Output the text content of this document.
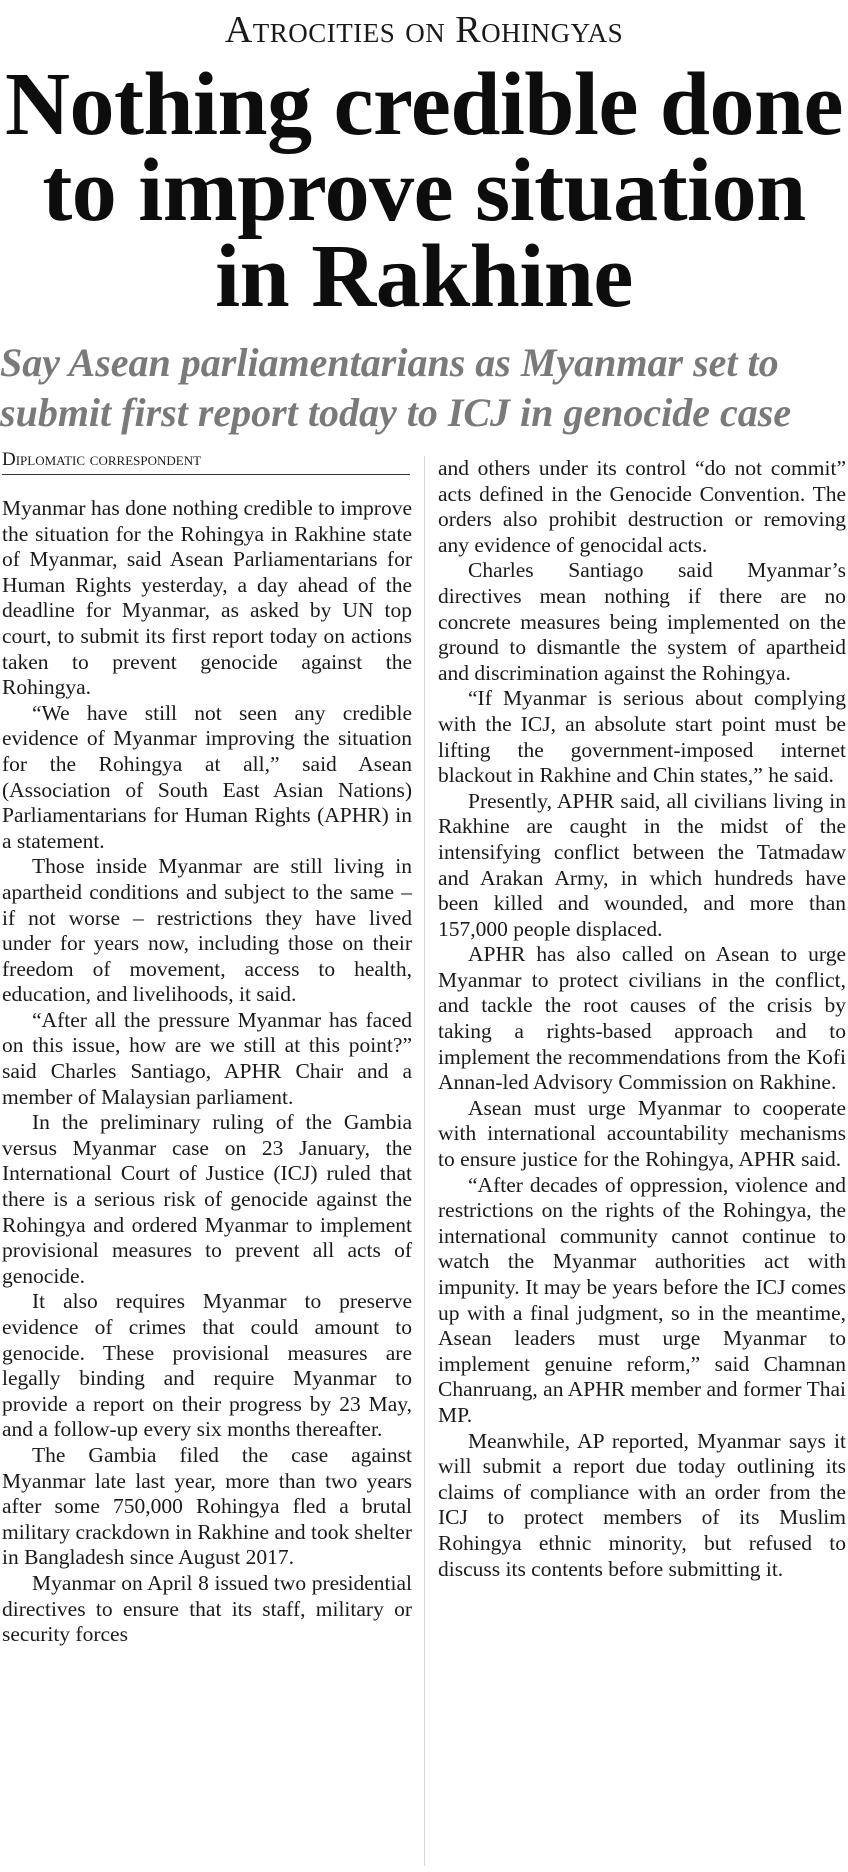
Atrocities on Rohingyas
Nothing credible done to improve situation in Rakhine
Say Asean parliamentarians as Myanmar set to
submit first report today to ICJ in genocide case
Diplomatic correspondent

Myanmar has done nothing credible to improve the situation for the Rohingya in Rakhine state of Myanmar, said Asean Parliamentarians for Human Rights yesterday, a day ahead of the deadline for Myanmar, as asked by UN top court, to submit its first report today on actions taken to prevent genocide against the Rohingya.

“We have still not seen any credible evidence of Myanmar improving the situation for the Rohingya at all,” said Asean (Association of South East Asian Nations) Parliamentarians for Human Rights (APHR) in a statement.

Those inside Myanmar are still living in apartheid conditions and subject to the same – if not worse – restrictions they have lived under for years now, including those on their freedom of movement, access to health, education, and livelihoods, it said.

“After all the pressure Myanmar has faced on this issue, how are we still at this point?” said Charles Santiago, APHR Chair and a member of Malaysian parliament.

In the preliminary ruling of the Gambia versus Myanmar case on 23 January, the International Court of Justice (ICJ) ruled that there is a serious risk of genocide against the Rohingya and ordered Myanmar to implement provisional measures to prevent all acts of genocide.

It also requires Myanmar to preserve evidence of crimes that could amount to genocide. These provisional measures are legally binding and require Myanmar to provide a report on their progress by 23 May, and a follow-up every six months thereafter.

The Gambia filed the case against Myanmar late last year, more than two years after some 750,000 Rohingya fled a brutal military crackdown in Rakhine and took shelter in Bangladesh since August 2017.

Myanmar on April 8 issued two presidential directives to ensure that its staff, military or security forces

and others under its control “do not commit” acts defined in the Genocide Convention. The orders also prohibit destruction or removing any evidence of genocidal acts.

Charles Santiago said Myanmar’s directives mean nothing if there are no concrete measures being implemented on the ground to dismantle the system of apartheid and discrimination against the Rohingya.

“If Myanmar is serious about complying with the ICJ, an absolute start point must be lifting the government-imposed internet blackout in Rakhine and Chin states,” he said.

Presently, APHR said, all civilians living in Rakhine are caught in the midst of the intensifying conflict between the Tatmadaw and Arakan Army, in which hundreds have been killed and wounded, and more than 157,000 people displaced.

APHR has also called on Asean to urge Myanmar to protect civilians in the conflict, and tackle the root causes of the crisis by taking a rights-based approach and to implement the recommendations from the Kofi Annan-led Advisory Commission on Rakhine.

Asean must urge Myanmar to cooperate with international accountability mechanisms to ensure justice for the Rohingya, APHR said.

“After decades of oppression, violence and restrictions on the rights of the Rohingya, the international community cannot continue to watch the Myanmar authorities act with impunity. It may be years before the ICJ comes up with a final judgment, so in the meantime, Asean leaders must urge Myanmar to implement genuine reform,” said Chamnan Chanruang, an APHR member and former Thai MP.

Meanwhile, AP reported, Myanmar says it will submit a report due today outlining its claims of compliance with an order from the ICJ to protect members of its Muslim Rohingya ethnic minority, but refused to discuss its contents before submitting it.
